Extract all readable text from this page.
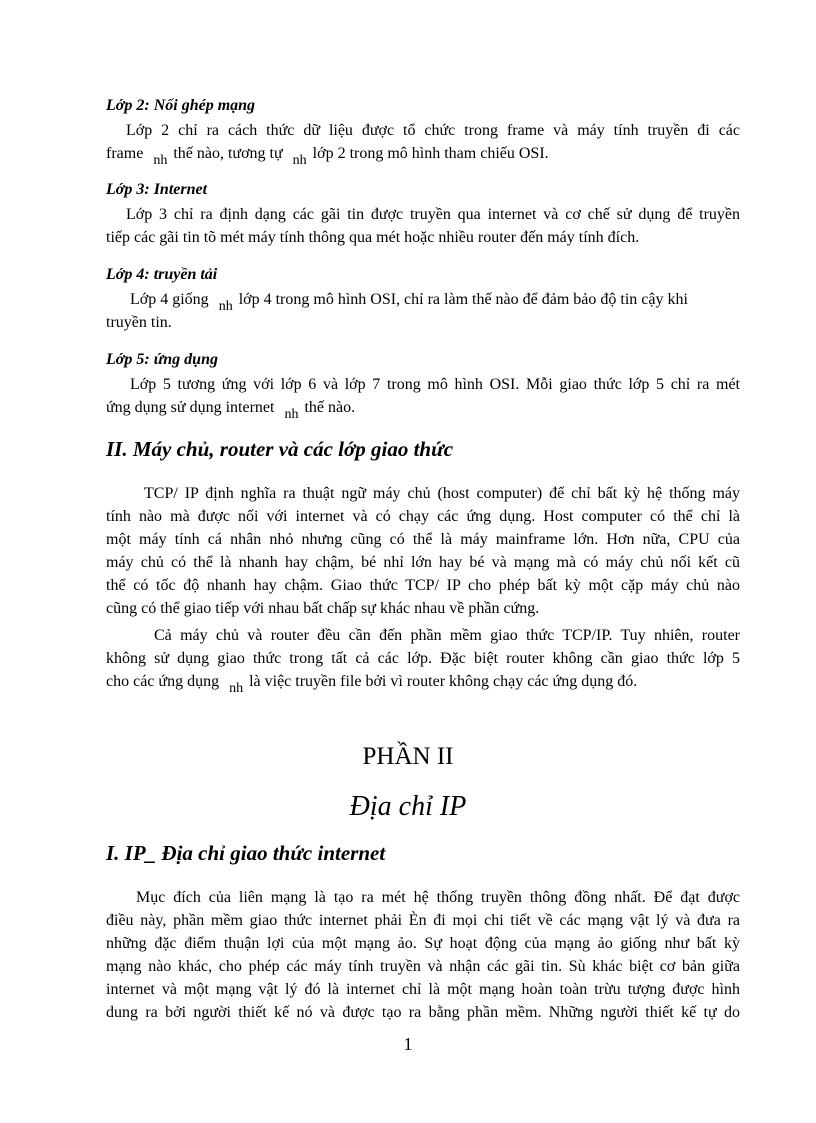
Lớp 2: Nối ghép mạng
Lớp 2 chỉ ra cách thức dữ liệu được tổ chức trong frame và máy tính truyền đi các
frame nh thế nào, tương tự nh lớp 2 trong mô hình tham chiếu OSI.
Lớp 3: Internet
Lớp 3 chỉ ra định dạng các gãi tin được truyền qua internet và cơ chế sử dụng để truyền
tiếp các gãi tin tõ mét máy tính thông qua mét hoặc nhiều router đến máy tính đích.
Lớp 4: truyền tải
Lớp 4 giống nh lớp 4 trong mô hình OSI, chỉ ra làm thế nào để đảm bảo độ tin cậy khi
truyền tin.
Lớp 5: ứng dụng
Lớp 5 tương ứng với lớp 6 và lớp 7 trong mô hình OSI. Mỗi giao thức lớp 5 chỉ ra mét
ứng dụng sử dụng internet nh thế nào.
II. Máy chủ, router và các lớp giao thức
TCP/ IP định nghĩa ra thuật ngữ máy chủ (host computer) để chỉ bất kỳ hệ thống máy
tính nào mà được nối với internet và có chạy các ứng dụng. Host computer có thể chỉ là
một máy tính cá nhân nhỏ nhưng cũng có thể là máy mainframe lớn. Hơn nữa, CPU của
máy chủ có thể là nhanh hay chậm, bé nhỉ lớn hay bé và mạng mà có máy chủ nối kết cũ
thể có tốc độ nhanh hay chậm. Giao thức TCP/ IP cho phép bất kỳ một cặp máy chủ nào
cũng có thể giao tiếp với nhau bất chấp sự khác nhau về phần cứng.
Cả máy chủ và router đều cần đến phần mềm giao thức TCP/IP. Tuy nhiên, router
không sử dụng giao thức trong tất cả các lớp. Đặc biệt router không cần giao thức lớp 5
cho các ứng dụng nh là việc truyền file bởi vì router không chạy các ứng dụng đó.
PHẦN II
Địa chỉ IP
I. IP_ Địa chỉ giao thức internet
Mục đích của liên mạng là tạo ra mét hệ thống truyền thông đồng nhất. Để đạt được
điều này, phần mềm giao thức internet phải Èn đi mọi chi tiết về các mạng vật lý và đưa ra
những đặc điểm thuận lợi của một mạng ảo. Sự hoạt động của mạng ảo giống như bất kỳ
mạng nào khác, cho phép các máy tính truyền và nhận các gãi tin. Sù khác biệt cơ bản giữa
internet và một mạng vật lý đó là internet chỉ là một mạng hoàn toàn trừu tượng được hình
dung ra bởi người thiết kế nó và được tạo ra bằng phần mềm. Những người thiết kế tự do
1
